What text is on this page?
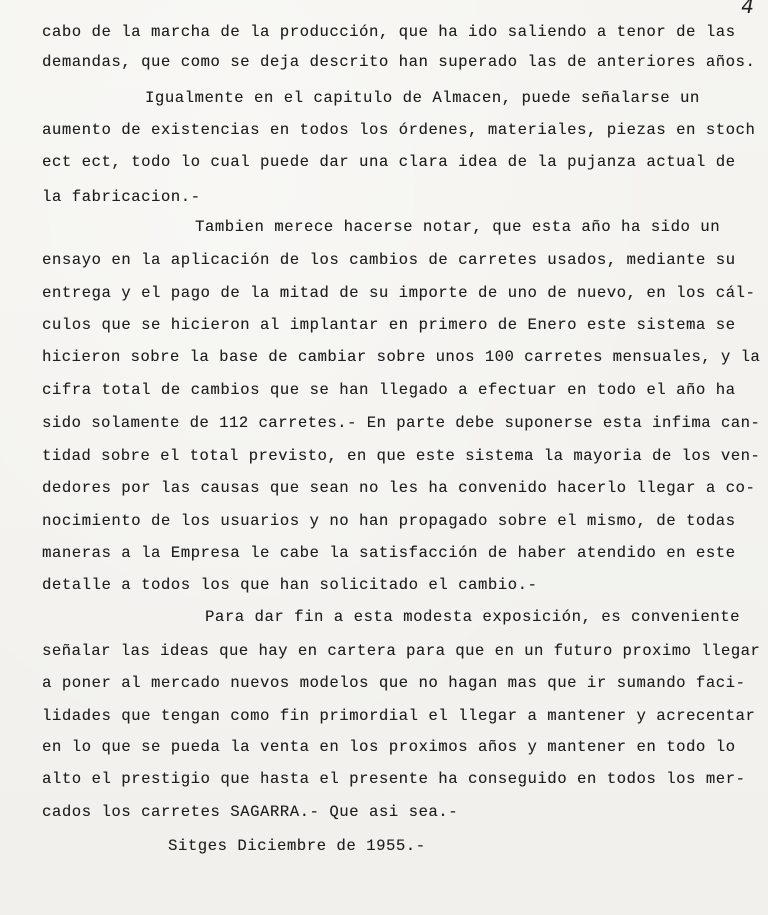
4
cabo de la marcha de la producción, que ha ido saliendo a tenor de las
demandas, que como se deja descrito han superado las de anteriores años.
Igualmente en el capitulo de Almacen, puede señalarse un
aumento de existencias en todos los órdenes, materiales, piezas en stoch
ect ect, todo lo cual puede dar una clara idea de la pujanza actual de
la fabricacion.-
Tambien merece hacerse notar, que esta año ha sido un
ensayo en la aplicación de los cambios de carretes usados, mediante su
entrega y el pago de la mitad de su importe de uno de nuevo, en los cál-
culos que se hicieron al implantar en primero de Enero este sistema se
hicieron sobre la base de cambiar sobre unos 100 carretes mensuales, y la
cifra total de cambios que se han llegado a efectuar en todo el año ha
sido solamente de 112 carretes.- En parte debe suponerse esta infima can-
tidad sobre el total previsto, en que este sistema la mayoria de los ven-
dedores por las causas que sean no les ha convenido hacerlo llegar a co-
nocimiento de los usuarios y no han propagado sobre el mismo, de todas
maneras a la Empresa le cabe la satisfacción de haber atendido en este
detalle a todos los que han solicitado el cambio.-
Para dar fin a esta modesta exposición, es conveniente
señalar las ideas que hay en cartera para que en un futuro proximo llegar
a poner al mercado nuevos modelos que no hagan mas que ir sumando faci-
lidades que tengan como fin primordial el llegar a mantener y acrecentar
en lo que se pueda la venta en los proximos años y mantener en todo lo
alto el prestigio que hasta el presente ha conseguido en todos los mer-
cados los carretes SAGARRA.- Que asi sea.-
Sitges Diciembre de 1955.-
